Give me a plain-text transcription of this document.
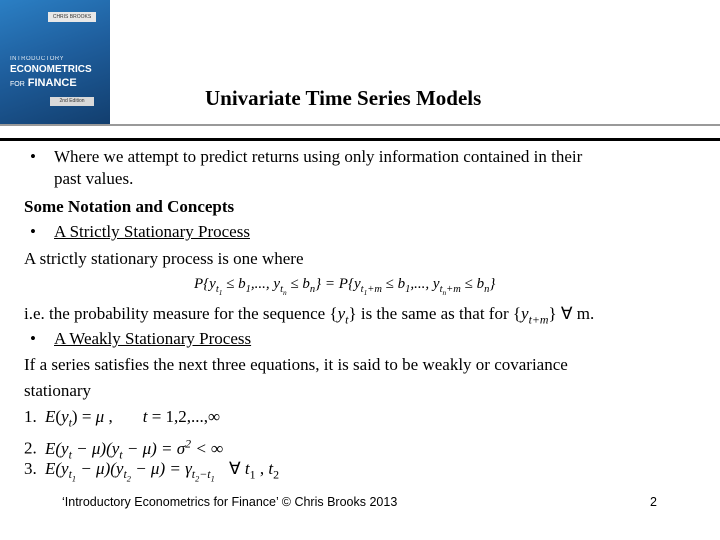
CHRIS BROOKS
INTRODUCTORY
ECONOMETRICS
FOR FINANCE
2nd Edition	Univariate Time Series Models
• Where we attempt to predict returns using only information contained in their
past values.
Some Notation and Concepts
• A Strictly Stationary Process
A strictly stationary process is one where
$P\{y_{t_1} \le b_1$,..., $y_{t_n} \le b_n\} = P\{y_{t_1+m} \le b_1$,..., $y_{t_n+m} \le b_n$}
i.e. the probability measure for the sequence $\{y_t\}$ is the same as that for $\{y_{t+m}\}$ ∀ m.
• A Weakly Stationary Process
If a series satisfies the next three equations, it is said to be weakly or covariance
stationary
1. $E(y_t) = \mu$ , t = 1,2,...,∞
2. $E(y_t - \mu)(y_t - \mu) = \sigma^2$ < ∞
3. $E(y_{t_1} - \mu)(y_{t_2} - \mu) = \gamma_{t_2-t_1}$ ∀ $t_1$ , $t_2$
‘Introductory Econometrics for Finance’ © Chris Brooks 2013	2
